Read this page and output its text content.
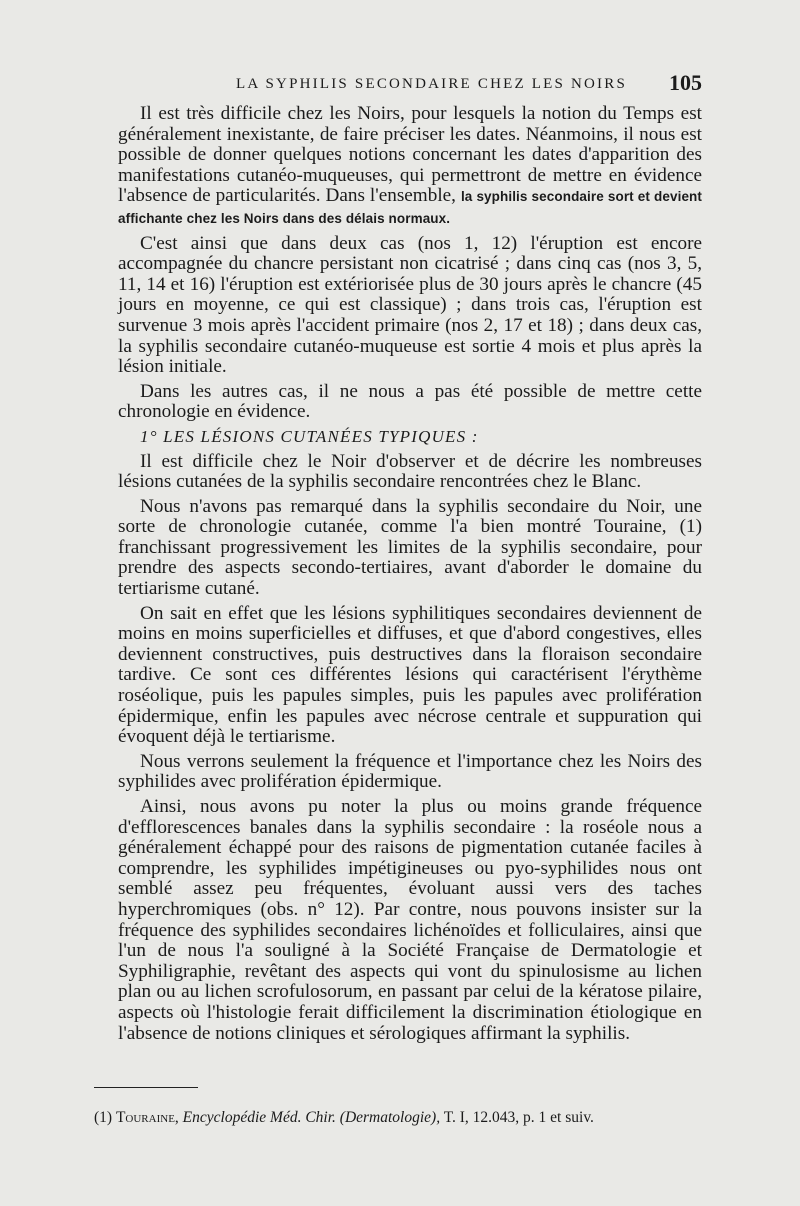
LA SYPHILIS SECONDAIRE CHEZ LES NOIRS 105

Il est très difficile chez les Noirs, pour lesquels la notion du Temps est généralement inexistante, de faire préciser les dates. Néanmoins, il nous est possible de donner quelques notions concernant les dates d'apparition des manifestations cutanéo-muqueuses, qui permettront de mettre en évidence l'absence de particularités. Dans l'ensemble, la syphilis secondaire sort et devient affichante chez les Noirs dans des délais normaux.

C'est ainsi que dans deux cas (nos 1, 12) l'éruption est encore accompagnée du chancre persistant non cicatrisé ; dans cinq cas (nos 3, 5, 11, 14 et 16) l'éruption est extériorisée plus de 30 jours après le chancre (45 jours en moyenne, ce qui est classique) ; dans trois cas, l'éruption est survenue 3 mois après l'accident primaire (nos 2, 17 et 18) ; dans deux cas, la syphilis secondaire cutanéo-muqueuse est sortie 4 mois et plus après la lésion initiale.

Dans les autres cas, il ne nous a pas été possible de mettre cette chronologie en évidence.

1° LES LÉSIONS CUTANÉES TYPIQUES :

Il est difficile chez le Noir d'observer et de décrire les nombreuses lésions cutanées de la syphilis secondaire rencontrées chez le Blanc.

Nous n'avons pas remarqué dans la syphilis secondaire du Noir, une sorte de chronologie cutanée, comme l'a bien montré Touraine, (1) franchissant progressivement les limites de la syphilis secondaire, pour prendre des aspects secondo-tertiaires, avant d'aborder le domaine du tertiarisme cutané.

On sait en effet que les lésions syphilitiques secondaires deviennent de moins en moins superficielles et diffuses, et que d'abord congestives, elles deviennent constructives, puis destructives dans la floraison secondaire tardive. Ce sont ces différentes lésions qui caractérisent l'érythème roséolique, puis les papules simples, puis les papules avec prolifération épidermique, enfin les papules avec nécrose centrale et suppuration qui évoquent déjà le tertiarisme.

Nous verrons seulement la fréquence et l'importance chez les Noirs des syphilides avec prolifération épidermique.

Ainsi, nous avons pu noter la plus ou moins grande fréquence d'efflorescences banales dans la syphilis secondaire : la roséole nous a généralement échappé pour des raisons de pigmentation cutanée faciles à comprendre, les syphilides impétigineuses ou pyo-syphilides nous ont semblé assez peu fréquentes, évoluant aussi vers des taches hyperchromiques (obs. n° 12). Par contre, nous pouvons insister sur la fréquence des syphilides secondaires lichénoïdes et folliculaires, ainsi que l'un de nous l'a souligné à la Société Française de Dermatologie et Syphiligraphie, revêtant des aspects qui vont du spinulosisme au lichen plan ou au lichen scrofulosorum, en passant par celui de la kératose pilaire, aspects où l'histologie ferait difficilement la discrimination étiologique en l'absence de notions cliniques et sérologiques affirmant la syphilis.

(1) Touraine, Encyclopédie Méd. Chir. (Dermatologie), T. I, 12.043, p. 1 et suiv.
